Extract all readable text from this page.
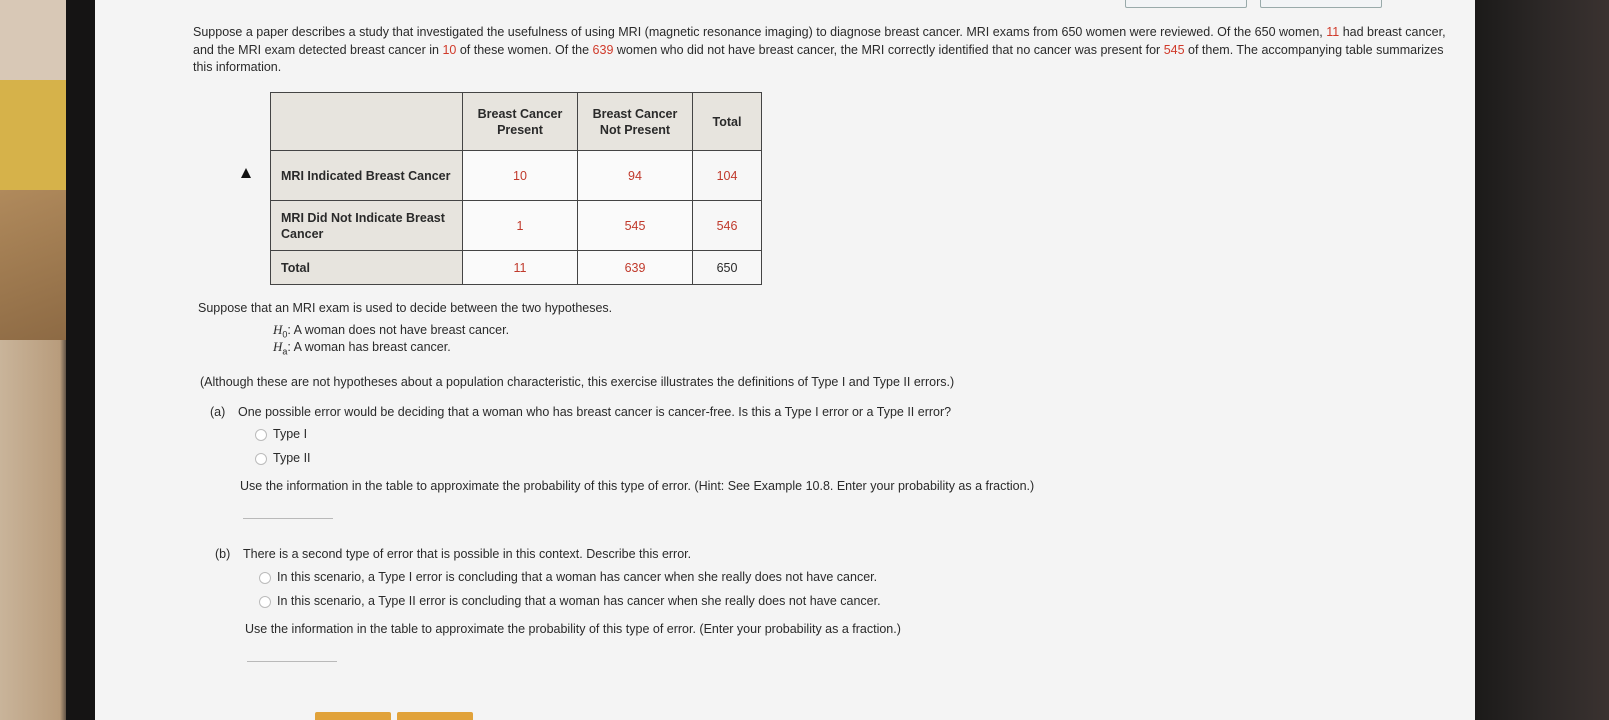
Suppose a paper describes a study that investigated the usefulness of using MRI (magnetic resonance imaging) to diagnose breast cancer. MRI exams from 650 women were reviewed. Of the 650 women, 11 had breast cancer, and the MRI exam detected breast cancer in 10 of these women. Of the 639 women who did not have breast cancer, the MRI correctly identified that no cancer was present for 545 of them. The accompanying table summarizes this information.
	Breast Cancer Present	Breast Cancer Not Present	Total
MRI Indicated Breast Cancer	10	94	104
MRI Did Not Indicate Breast Cancer	1	545	546
Total	11	639	650
Suppose that an MRI exam is used to decide between the two hypotheses.
$H_0$: A woman does not have breast cancer.
$H_a$: A woman has breast cancer.
(Although these are not hypotheses about a population characteristic, this exercise illustrates the definitions of Type I and Type II errors.)
(a) One possible error would be deciding that a woman who has breast cancer is cancer-free. Is this a Type I error or a Type II error?
Type I
Type II
Use the information in the table to approximate the probability of this type of error. (Hint: See Example 10.8. Enter your probability as a fraction.)
(b) There is a second type of error that is possible in this context. Describe this error.
In this scenario, a Type I error is concluding that a woman has cancer when she really does not have cancer.
In this scenario, a Type II error is concluding that a woman has cancer when she really does not have cancer.
Use the information in the table to approximate the probability of this type of error. (Enter your probability as a fraction.)
